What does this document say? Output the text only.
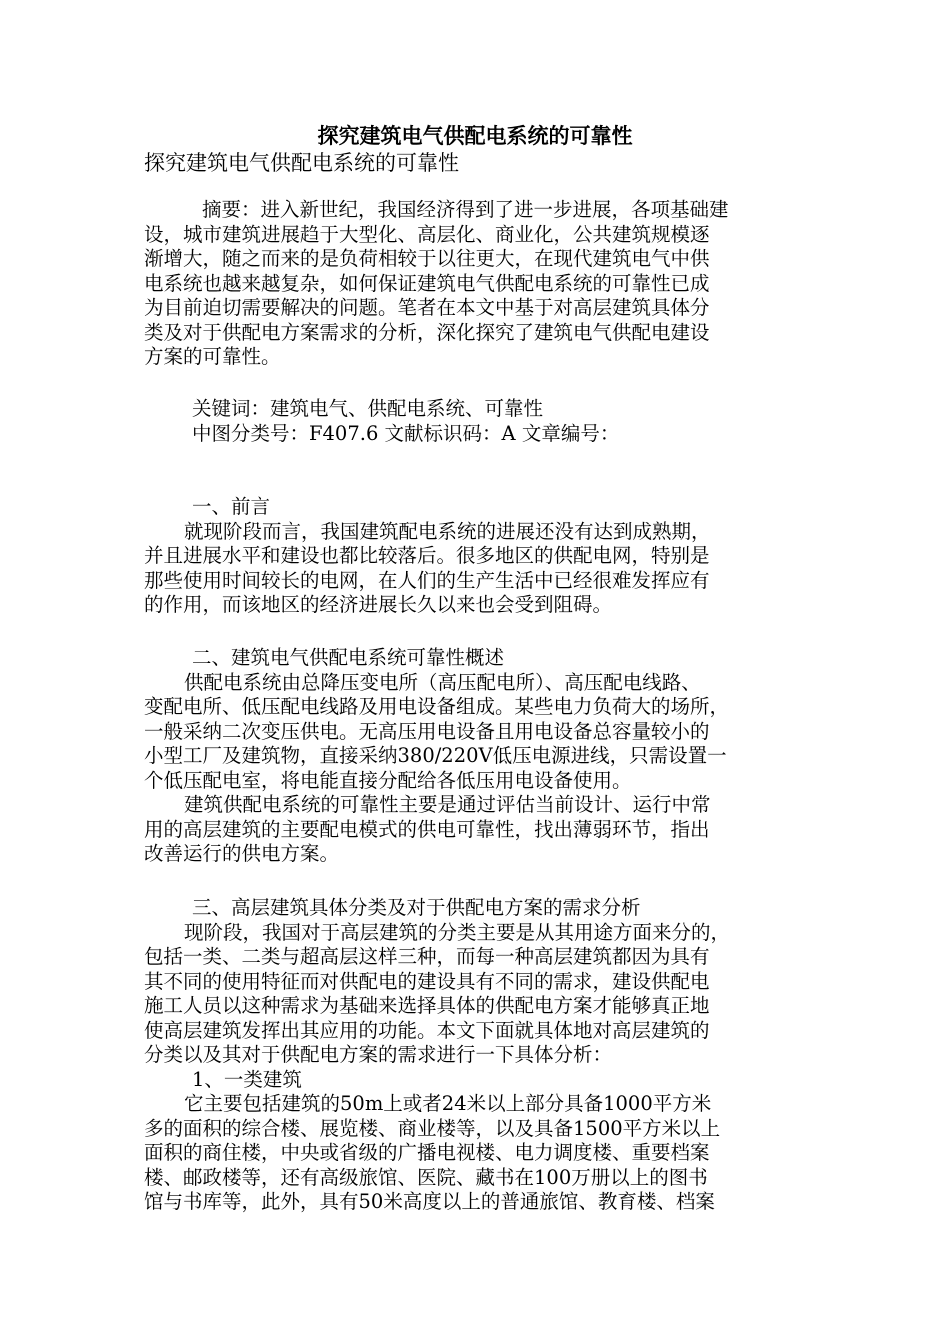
探究建筑电气供配电系统的可靠性
探究建筑电气供配电系统的可靠性
摘要：进入新世纪，我国经济得到了进一步进展，各项基础建
设，城市建筑进展趋于大型化、高层化、商业化，公共建筑规模逐
渐增大，随之而来的是负荷相较于以往更大，在现代建筑电气中供
电系统也越来越复杂，如何保证建筑电气供配电系统的可靠性已成
为目前迫切需要解决的问题。笔者在本文中基于对高层建筑具体分
类及对于供配电方案需求的分析，深化探究了建筑电气供配电建设
方案的可靠性。
关键词：建筑电气、供配电系统、可靠性
中图分类号：F407.6 文献标识码：A 文章编号：
一、前言
就现阶段而言，我国建筑配电系统的进展还没有达到成熟期，
并且进展水平和建设也都比较落后。很多地区的供配电网，特别是
那些使用时间较长的电网，在人们的生产生活中已经很难发挥应有
的作用，而该地区的经济进展长久以来也会受到阻碍。
二、建筑电气供配电系统可靠性概述
供配电系统由总降压变电所（高压配电所）、高压配电线路、
变配电所、低压配电线路及用电设备组成。某些电力负荷大的场所，
一般采纳二次变压供电。无高压用电设备且用电设备总容量较小的
小型工厂及建筑物，直接采纳380/220V低压电源进线，只需设置一
个低压配电室，将电能直接分配给各低压用电设备使用。
建筑供配电系统的可靠性主要是通过评估当前设计、运行中常
用的高层建筑的主要配电模式的供电可靠性，找出薄弱环节，指出
改善运行的供电方案。
三、高层建筑具体分类及对于供配电方案的需求分析
现阶段，我国对于高层建筑的分类主要是从其用途方面来分的，
包括一类、二类与超高层这样三种，而每一种高层建筑都因为具有
其不同的使用特征而对供配电的建设具有不同的需求，建设供配电
施工人员以这种需求为基础来选择具体的供配电方案才能够真正地
使高层建筑发挥出其应用的功能。本文下面就具体地对高层建筑的
分类以及其对于供配电方案的需求进行一下具体分析：
1、一类建筑
它主要包括建筑的50m上或者24米以上部分具备1000平方米
多的面积的综合楼、展览楼、商业楼等，以及具备1500平方米以上
面积的商住楼，中央或省级的广播电视楼、电力调度楼、重要档案
楼、邮政楼等，还有高级旅馆、医院、藏书在100万册以上的图书
馆与书库等，此外，具有50米高度以上的普通旅馆、教育楼、档案
